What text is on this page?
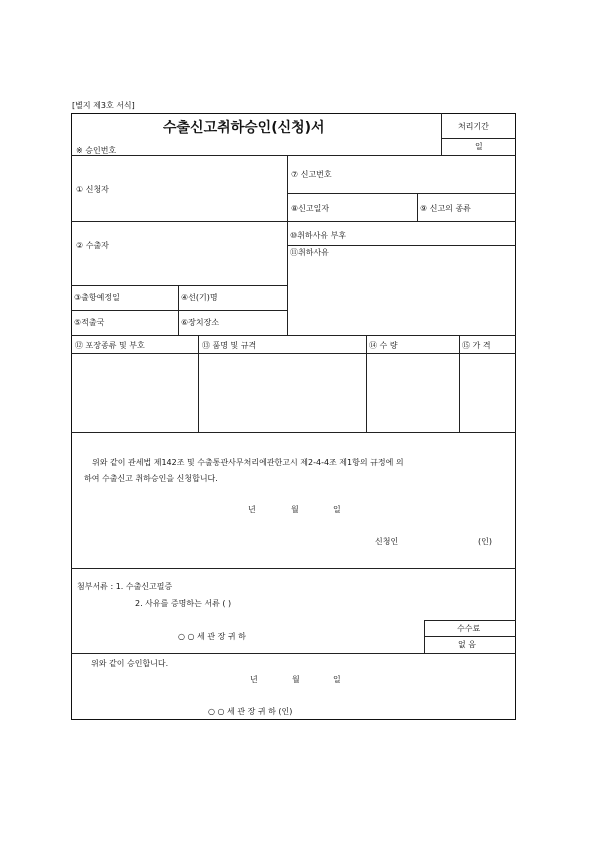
[별지 제3호 서식]
수출신고취하승인(신청)서
※ 승인번호
처리기간
일
① 신청자
② 수출자
③출항예정일	④선(기)명
⑤적출국	⑥장치장소
⑦ 신고번호
⑧신고일자	⑨ 신고의 종류
⑩취하사유 부후
⑪취하사유
⑫ 포장종류 및 부호	⑬ 품명 및 규격	⑭ 수 량	⑮ 가 격
위와 같이 관세법 제142조 및 수출통관사무처리에관한고시 제2-4-4조 제1항의 규정에 의
하여 수출신고 취하승인을 신청합니다.
년	월	일
신청인	(인)
첨부서류 : 1. 수출신고필증
2. 사유를 증명하는 서류 ( )
수수료
없 음
○ ○ 세 관 장 귀 하
위와 같이 승인합니다.
년	월	일
○ ○ 세 관 장 귀 하 (인)
